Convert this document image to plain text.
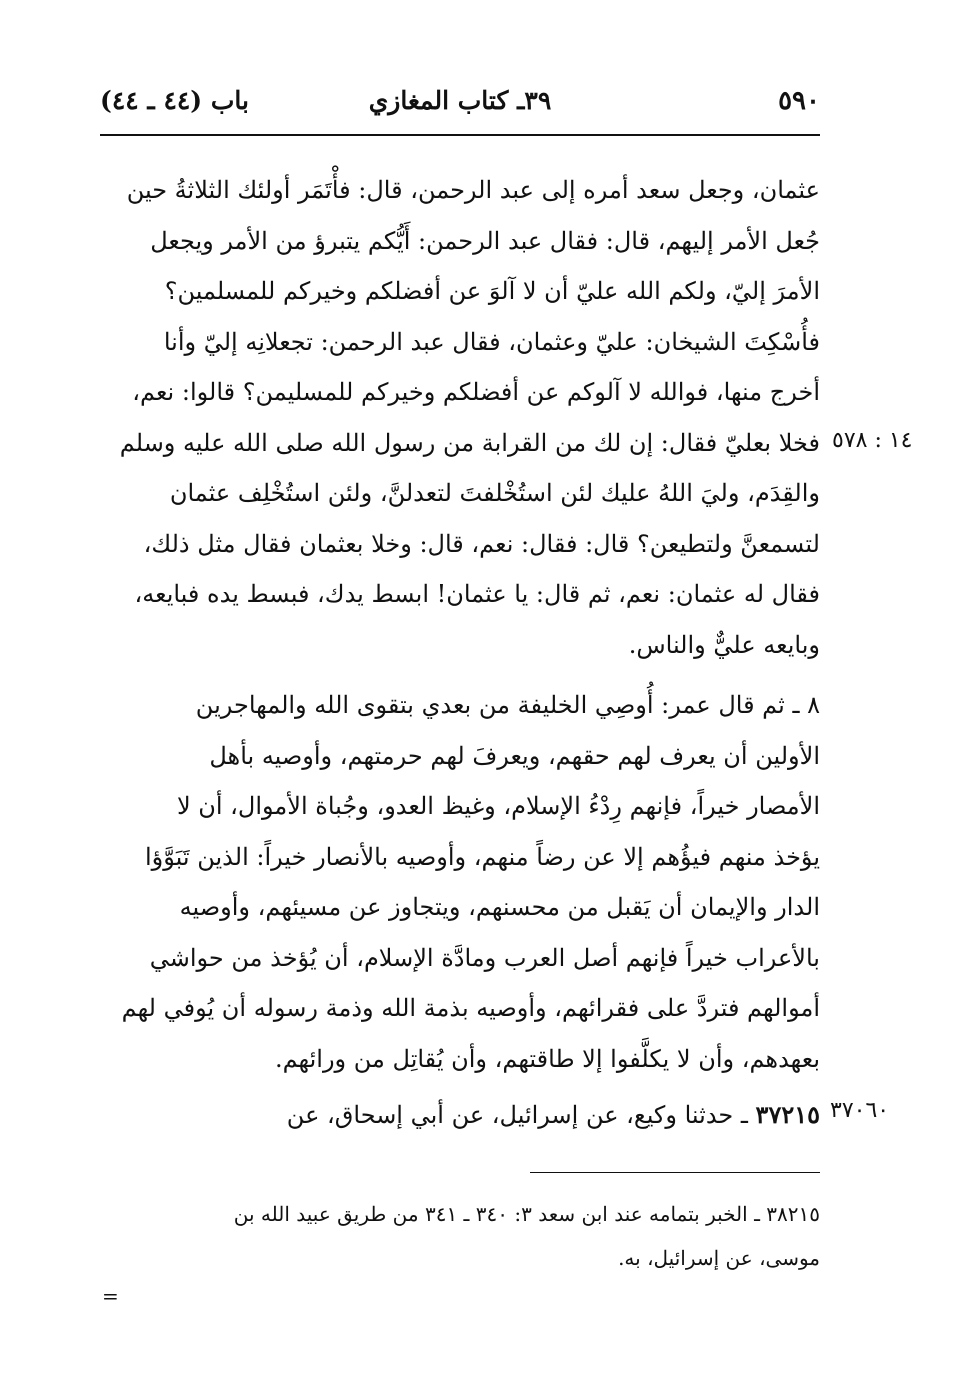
٥٩٠
٣٩ـ كتاب المغازي
باب (٤٤ ـ ٤٤)
عثمان، وجعل سعد أمره إلى عبد الرحمن، قال: فأْتَمَر أولئك الثلاثةُ حين
جُعل الأمر إليهم، قال: فقال عبد الرحمن: أَيُّكم يتبرؤ من الأمر ويجعل
الأمرَ إليّ، ولكم الله عليّ أن لا آلوَ عن أفضلكم وخيركم للمسلمين؟
فأُسْكِتَ الشيخان: عليّ وعثمان، فقال عبد الرحمن: تجعلانِه إليّ وأنا
أخرج منها، فوالله لا آلوكم عن أفضلكم وخيركم للمسليمن؟ قالوا: نعم،
فخلا بعليّ فقال: إن لك من القرابة من رسول الله صلى الله عليه وسلم
والقِدَم، وليَ اللهُ عليك لئن استُخْلفتَ لتعدلنَّ، ولئن استُخْلِف عثمان
لتسمعنَّ ولتطيعن؟ قال: فقال: نعم، قال: وخلا بعثمان فقال مثل ذلك،
فقال له عثمان: نعم، ثم قال: يا عثمان! ابسط يدك، فبسط يده فبايعه،
وبايعه عليٌّ والناس.
١٤ : ٥٧٨
٨ ـ ثم قال عمر: أُوصِي الخليفة من بعدي بتقوى الله والمهاجرين
الأولين أن يعرف لهم حقهم، ويعرفَ لهم حرمتهم، وأوصيه بأهل
الأمصار خيراً، فإنهم رِدْءُ الإسلام، وغيظ العدو، وجُباة الأموال، أن لا
يؤخذ منهم فيؤُهم إلا عن رضاً منهم، وأوصيه بالأنصار خيراً: الذين تَبَوَّؤا
الدار والإيمان أن يَقبل من محسنهم، ويتجاوز عن مسيئهم، وأوصيه
بالأعراب خيراً فإنهم أصل العرب ومادَّة الإسلام، أن يُؤخذ من حواشي
أموالهم فتردَّ على فقرائهم، وأوصيه بذمة الله وذمة رسوله أن يُوفي لهم
بعهدهم، وأن لا يكلَّفوا إلا طاقتهم، وأن يُقاتِل من ورائهم.
٣٧٢١٥ ـ حدثنا وكيع، عن إسرائيل، عن أبي إسحاق، عن	٣٧٠٦٠
٣٨٢١٥ ـ الخبر بتمامه عند ابن سعد ٣: ٣٤٠ ـ ٣٤١ من طريق عبيد الله بن
موسى، عن إسرائيل، به.
=
